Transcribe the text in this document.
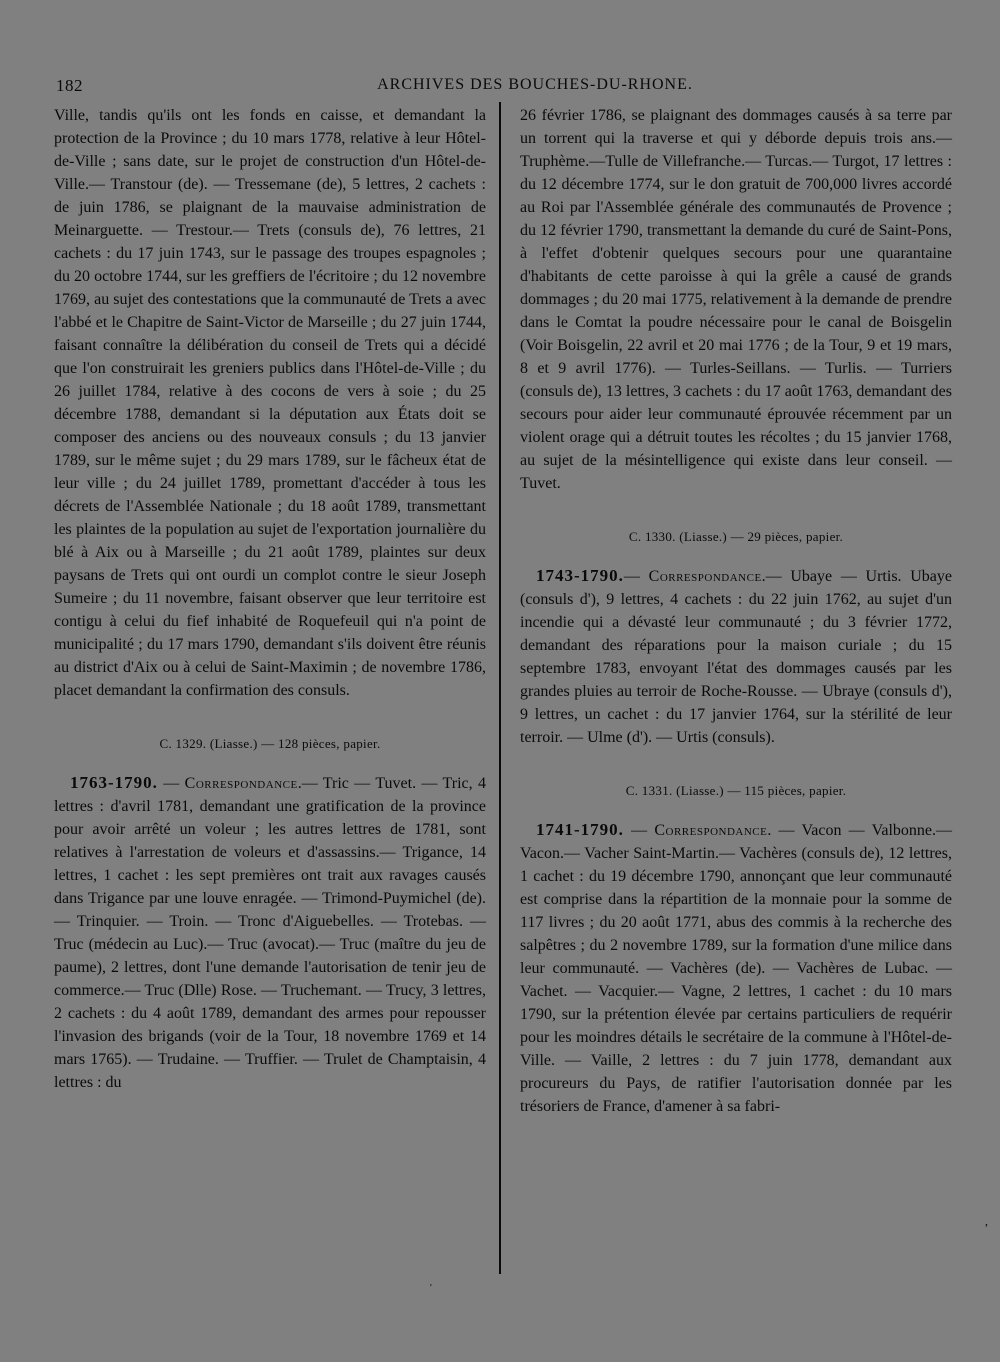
182	ARCHIVES DES BOUCHES-DU-RHONE.

Ville, tandis qu'ils ont les fonds en caisse, et demandant la protection de la Province ; du 10 mars 1778, relative à leur Hôtel-de-Ville ; sans date, sur le projet de construction d'un Hôtel-de-Ville.— Transtour (de). — Tressemane (de), 5 lettres, 2 cachets : de juin 1786, se plaignant de la mauvaise administration de Meinarguette. — Trestour.— Trets (consuls de), 76 lettres, 21 cachets : du 17 juin 1743, sur le passage des troupes espagnoles ; du 20 octobre 1744, sur les greffiers de l'écritoire ; du 12 novembre 1769, au sujet des contestations que la communauté de Trets a avec l'abbé et le Chapitre de Saint-Victor de Marseille ; du 27 juin 1744, faisant connaître la délibération du conseil de Trets qui a décidé que l'on construirait les greniers publics dans l'Hôtel-de-Ville ; du 26 juillet 1784, relative à des cocons de vers à soie ; du 25 décembre 1788, demandant si la députation aux États doit se composer des anciens ou des nouveaux consuls ; du 13 janvier 1789, sur le même sujet ; du 29 mars 1789, sur le fâcheux état de leur ville ; du 24 juillet 1789, promettant d'accéder à tous les décrets de l'Assemblée Nationale ; du 18 août 1789, transmettant les plaintes de la population au sujet de l'exportation journalière du blé à Aix ou à Marseille ; du 21 août 1789, plaintes sur deux paysans de Trets qui ont ourdi un complot contre le sieur Joseph Sumeire ; du 11 novembre, faisant observer que leur territoire est contigu à celui du fief inhabité de Roquefeuil qui n'a point de municipalité ; du 17 mars 1790, demandant s'ils doivent être réunis au district d'Aix ou à celui de Saint-Maximin ; de novembre 1786, placet demandant la confirmation des consuls.

C. 1329. (Liasse.) — 128 pièces, papier.

1763-1790. — Correspondance.— Tric — Tuvet. — Tric, 4 lettres : d'avril 1781, demandant une gratification de la province pour avoir arrêté un voleur ; les autres lettres de 1781, sont relatives à l'arrestation de voleurs et d'assassins.— Trigance, 14 lettres, 1 cachet : les sept premières ont trait aux ravages causés dans Trigance par une louve enragée. — Trimond-Puymichel (de). — Trinquier. — Troin. — Tronc d'Aiguebelles. — Trotebas. — Truc (médecin au Luc).— Truc (avocat).— Truc (maître du jeu de paume), 2 lettres, dont l'une demande l'autorisation de tenir jeu de commerce.— Truc (Dlle) Rose. — Truchemant. — Trucy, 3 lettres, 2 cachets : du 4 août 1789, demandant des armes pour repousser l'invasion des brigands (voir de la Tour, 18 novembre 1769 et 14 mars 1765). — Trudaine. — Truffier. — Trulet de Champtaisin, 4 lettres : du

26 février 1786, se plaignant des dommages causés à sa terre par un torrent qui la traverse et qui y déborde depuis trois ans.—Truphème.—Tulle de Villefranche.— Turcas.— Turgot, 17 lettres : du 12 décembre 1774, sur le don gratuit de 700,000 livres accordé au Roi par l'Assemblée générale des communautés de Provence ; du 12 février 1790, transmettant la demande du curé de Saint-Pons, à l'effet d'obtenir quelques secours pour une quarantaine d'habitants de cette paroisse à qui la grêle a causé de grands dommages ; du 20 mai 1775, relativement à la demande de prendre dans le Comtat la poudre nécessaire pour le canal de Boisgelin (Voir Boisgelin, 22 avril et 20 mai 1776 ; de la Tour, 9 et 19 mars, 8 et 9 avril 1776). — Turles-Seillans. — Turlis. — Turriers (consuls de), 13 lettres, 3 cachets : du 17 août 1763, demandant des secours pour aider leur communauté éprouvée récemment par un violent orage qui a détruit toutes les récoltes ; du 15 janvier 1768, au sujet de la mésintelligence qui existe dans leur conseil. — Tuvet.

C. 1330. (Liasse.) — 29 pièces, papier.

1743-1790.— Correspondance.— Ubaye — Urtis. Ubaye (consuls d'), 9 lettres, 4 cachets : du 22 juin 1762, au sujet d'un incendie qui a dévasté leur communauté ; du 3 février 1772, demandant des réparations pour la maison curiale ; du 15 septembre 1783, envoyant l'état des dommages causés par les grandes pluies au terroir de Roche-Rousse. — Ubraye (consuls d'), 9 lettres, un cachet : du 17 janvier 1764, sur la stérilité de leur terroir. — Ulme (d'). — Urtis (consuls).

C. 1331. (Liasse.) — 115 pièces, papier.

1741-1790. — Correspondance. — Vacon — Valbonne.— Vacon.— Vacher Saint-Martin.— Vachères (consuls de), 12 lettres, 1 cachet : du 19 décembre 1790, annonçant que leur communauté est comprise dans la répartition de la monnaie pour la somme de 117 livres ; du 20 août 1771, abus des commis à la recherche des salpêtres ; du 2 novembre 1789, sur la formation d'une milice dans leur communauté. — Vachères (de). — Vachères de Lubac. — Vachet. — Vacquier.— Vagne, 2 lettres, 1 cachet : du 10 mars 1790, sur la prétention élevée par certains particuliers de requérir pour les moindres détails le secrétaire de la commune à l'Hôtel-de-Ville. — Vaille, 2 lettres : du 7 juin 1778, demandant aux procureurs du Pays, de ratifier l'autorisation donnée par les trésoriers de France, d'amener à sa fabri-

'
,
